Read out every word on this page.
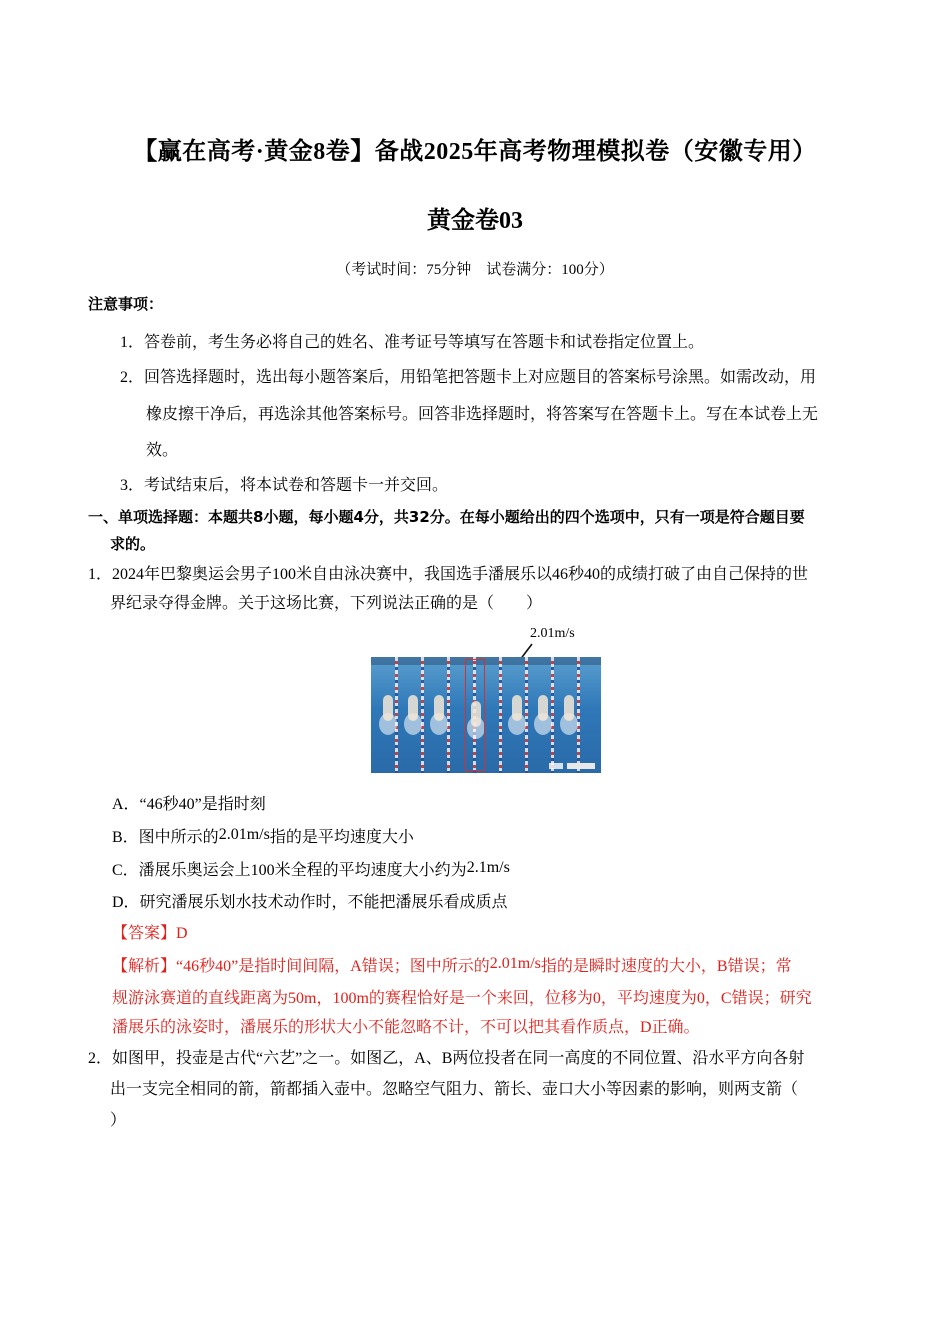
【赢在高考·黄金8卷】备战2025年高考物理模拟卷（安徽专用）
黄金卷03
（考试时间：75分钟　试卷满分：100分）
注意事项：
1．答卷前，考生务必将自己的姓名、准考证号等填写在答题卡和试卷指定位置上。
2．回答选择题时，选出每小题答案后，用铅笔把答题卡上对应题目的答案标号涂黑。如需改动，用
橡皮擦干净后，再选涂其他答案标号。回答非选择题时，将答案写在答题卡上。写在本试卷上无
效。
3．考试结束后，将本试卷和答题卡一并交回。
一、单项选择题：本题共8小题，每小题4分，共32分。在每小题给出的四个选项中，只有一项是符合题目要
求的。
1．2024年巴黎奥运会男子100米自由泳决赛中，我国选手潘展乐以46秒40的成绩打破了由自己保持的世
界纪录夺得金牌。关于这场比赛，下列说法正确的是（　　）
2.01m/s
A．“46秒40”是指时刻
B．图中所示的2.01m/s指的是平均速度大小
C．潘展乐奥运会上100米全程的平均速度大小约为2.1m/s
D．研究潘展乐划水技术动作时，不能把潘展乐看成质点
【答案】D
【解析】“46秒40”是指时间间隔，A错误；图中所示的2.01m/s指的是瞬时速度的大小，B错误；常
规游泳赛道的直线距离为50m，100m的赛程恰好是一个来回，位移为0，平均速度为0，C错误；研究
潘展乐的泳姿时，潘展乐的形状大小不能忽略不计，不可以把其看作质点，D正确。
2．如图甲，投壶是古代“六艺”之一。如图乙，A、B两位投者在同一高度的不同位置、沿水平方向各射
出一支完全相同的箭，箭都插入壶中。忽略空气阻力、箭长、壶口大小等因素的影响，则两支箭（
）
